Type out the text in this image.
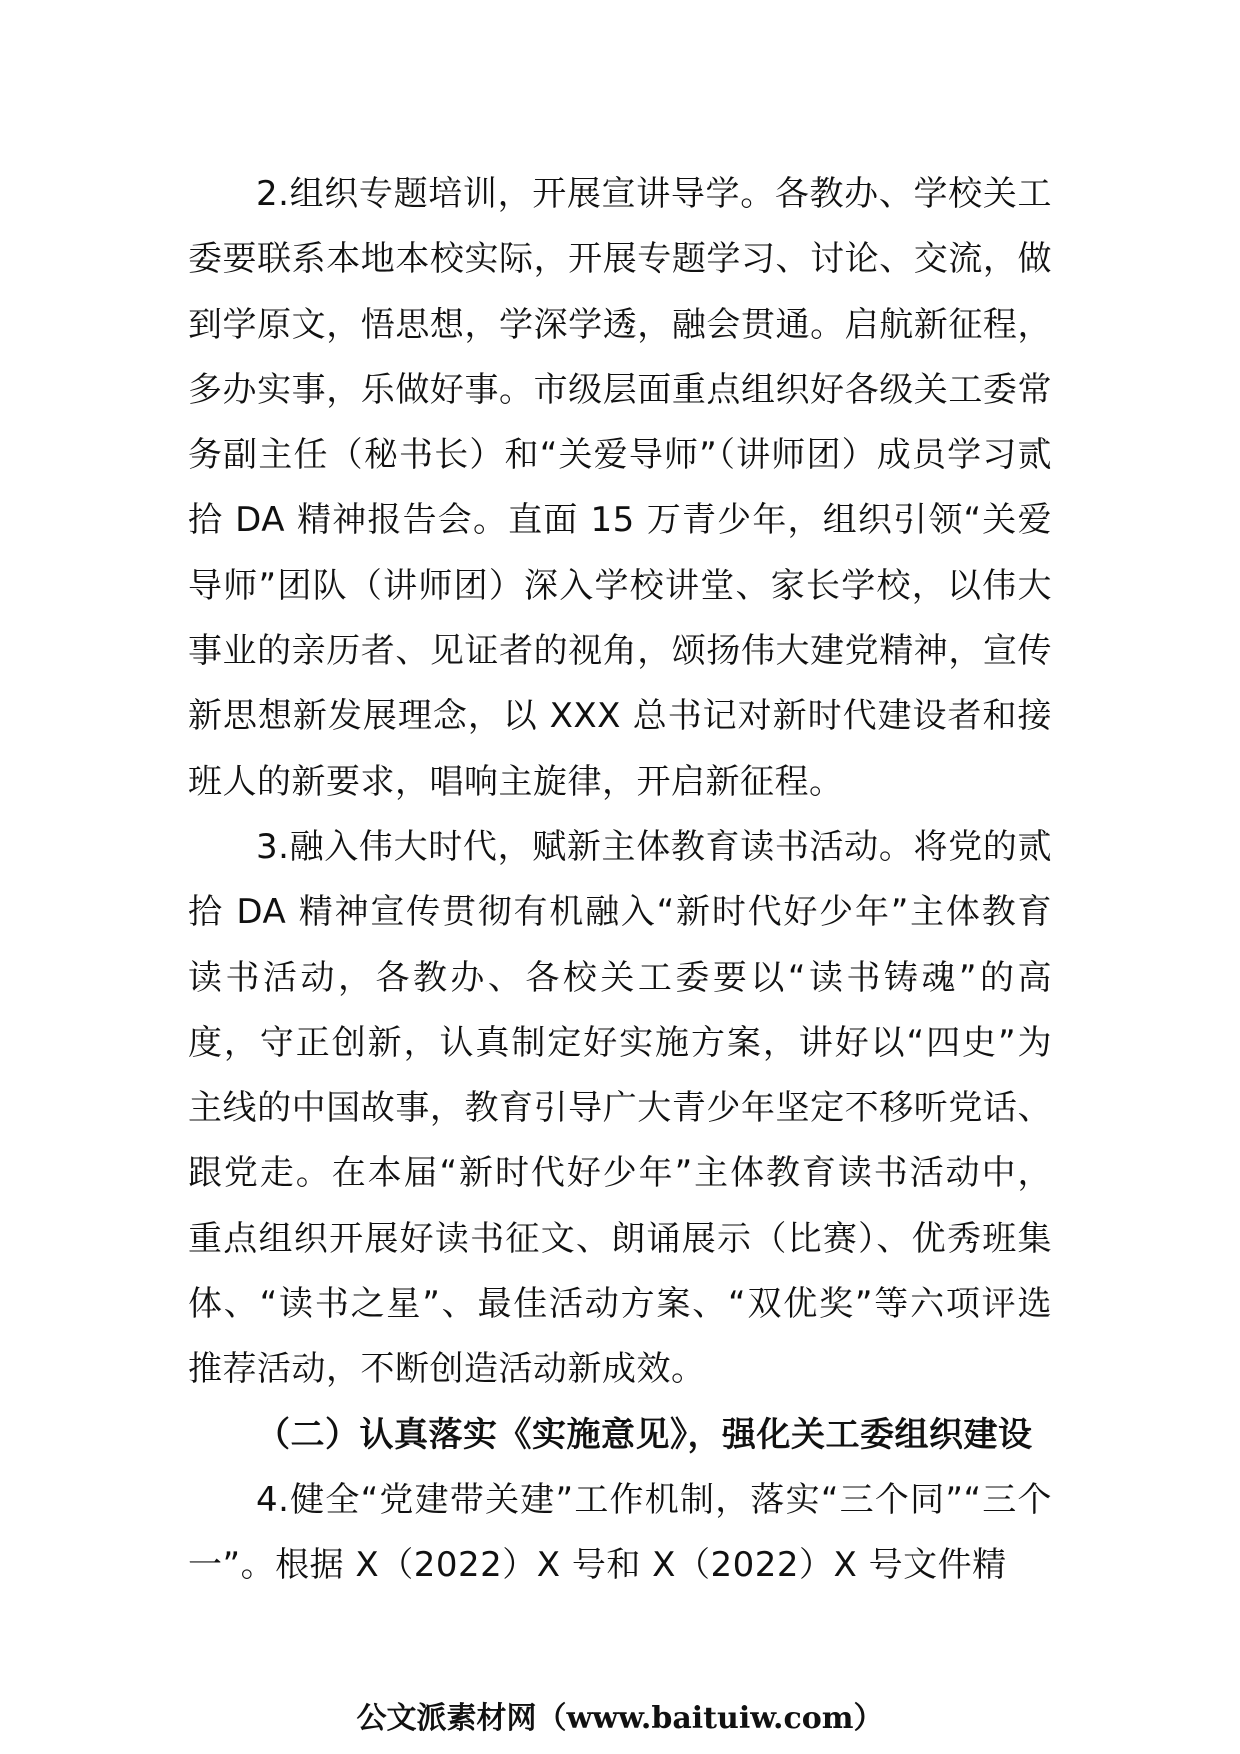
2.组织专题培训，开展宣讲导学。各教办、学校关工委要联系本地本校实际，开展专题学习、讨论、交流，做到学原文，悟思想，学深学透，融会贯通。启航新征程，多办实事，乐做好事。市级层面重点组织好各级关工委常务副主任（秘书长）和“关爱导师”（讲师团）成员学习贰拾 DA 精神报告会。直面 15 万青少年，组织引领“关爱导师”团队（讲师团）深入学校讲堂、家长学校，以伟大事业的亲历者、见证者的视角，颂扬伟大建党精神，宣传新思想新发展理念，以 XXX 总书记对新时代建设者和接班人的新要求，唱响主旋律，开启新征程。

3.融入伟大时代，赋新主体教育读书活动。将党的贰拾 DA 精神宣传贯彻有机融入“新时代好少年”主体教育读书活动，各教办、各校关工委要以“读书铸魂”的高度，守正创新，认真制定好实施方案，讲好以“四史”为主线的中国故事，教育引导广大青少年坚定不移听党话、跟党走。在本届“新时代好少年”主体教育读书活动中，重点组织开展好读书征文、朗诵展示（比赛）、优秀班集体、“读书之星”、最佳活动方案、“双优奖”等六项评选推荐活动，不断创造活动新成效。

（二）认真落实《实施意见》，强化关工委组织建设

4.健全“党建带关建”工作机制，落实“三个同”“三个一”。根据 X（2022）X 号和 X（2022）X 号文件精

公文派素材网（www.baituiw.com）
